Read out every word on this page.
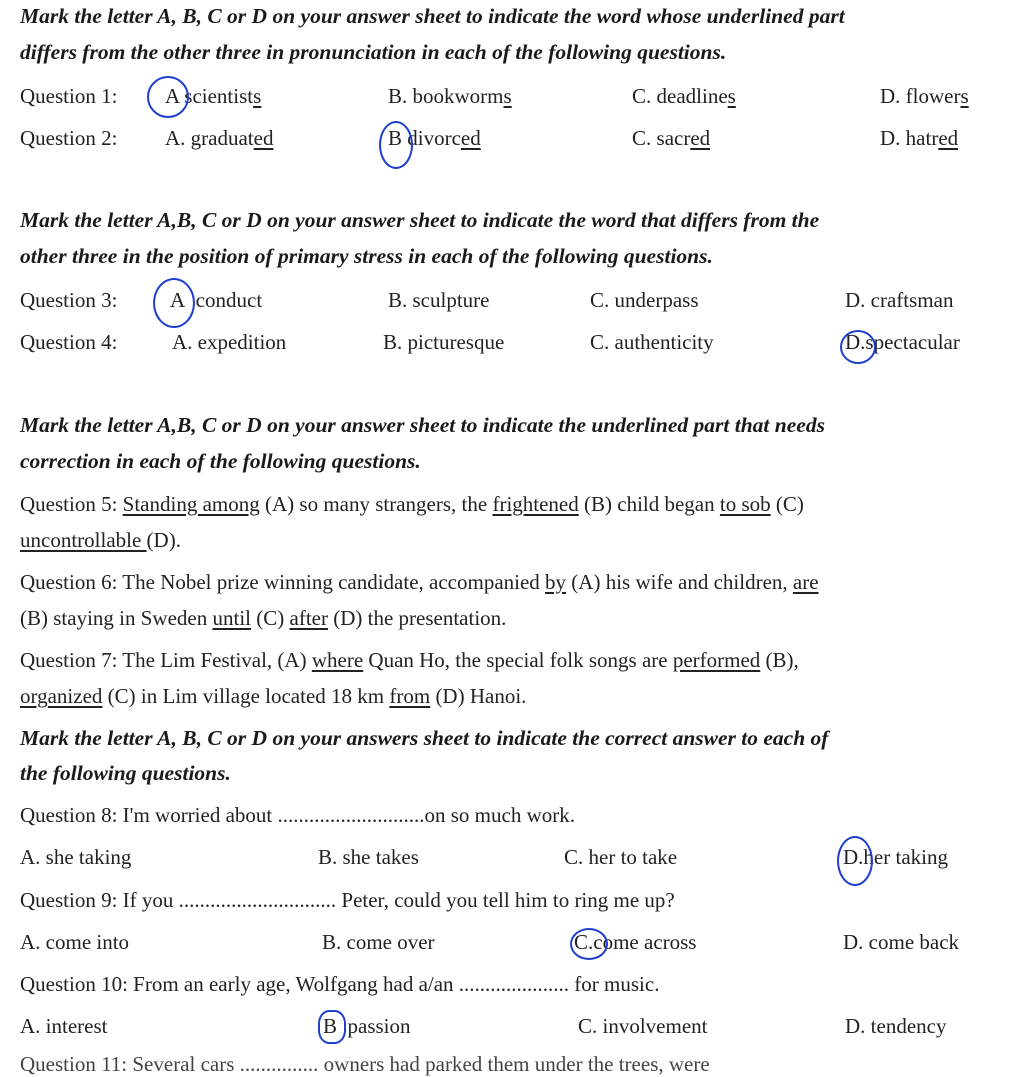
Mark the letter A, B, C or D on your answer sheet to indicate the word whose underlined part
differs from the other three in pronunciation in each of the following questions.
Question 1: A scientists	B. bookworms	C. deadlines	D. flowers
Question 2: A. graduated	B divorced	C. sacred	D. hatred
Mark the letter A,B, C or D on your answer sheet to indicate the word that differs from the
other three in the position of primary stress in each of the following questions.
Question 3:	A conduct	B. sculpture	C. underpass	D. craftsman
Question 4:	A. expedition	B. picturesque	C. authenticity	D.spectacular
Mark the letter A,B, C or D on your answer sheet to indicate the underlined part that needs
correction in each of the following questions.
Question 5: Standing among (A) so many strangers, the frightened (B) child began to sob (C)
uncontrollable (D).
Question 6: The Nobel prize winning candidate, accompanied by (A) his wife and children, are
(B) staying in Sweden until (C) after (D) the presentation.
Question 7: The Lim Festival, (A) where Quan Ho, the special folk songs are performed (B),
organized (C) in Lim village located 18 km from (D) Hanoi.
Mark the letter A, B, C or D on your answers sheet to indicate the correct answer to each of
the following questions.
Question 8: I'm worried about ............................on so much work.
A. she taking	B. she takes	C. her to take	D.her taking
Question 9: If you .............................. Peter, could you tell him to ring me up?
A. come into	B. come over	C.come across	D. come back
Question 10: From an early age, Wolfgang had a/an ..................... for music.
A. interest	B passion	C. involvement	D. tendency
Question 11: Several cars ............... owners had parked them under the trees, were
